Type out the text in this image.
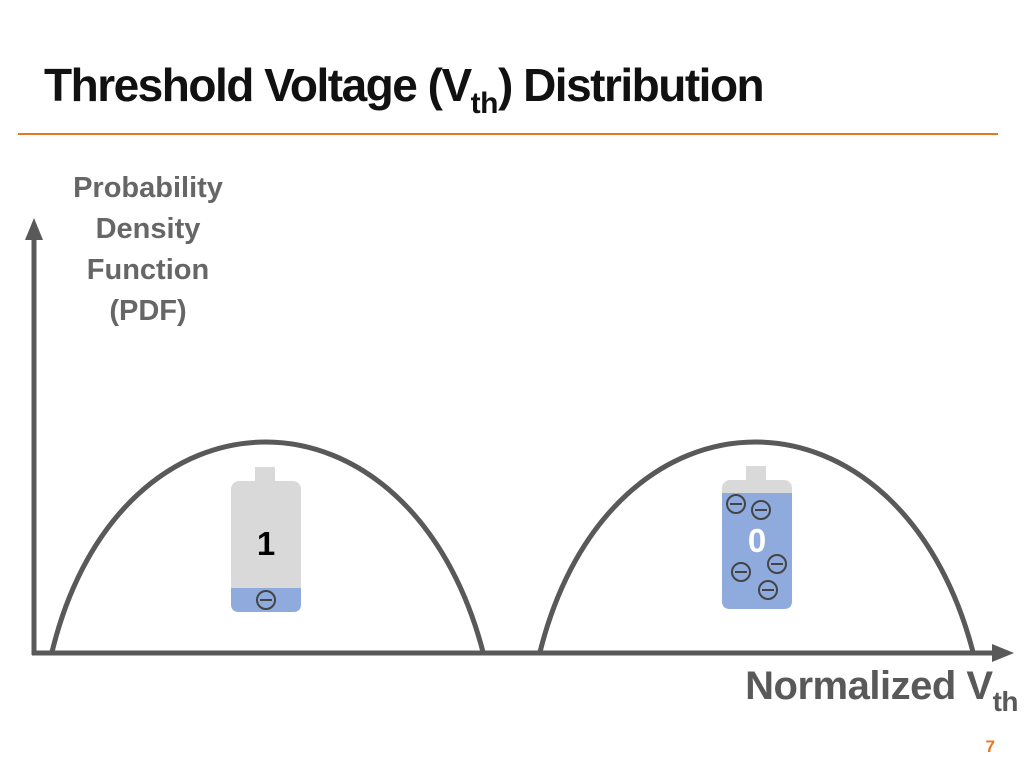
Threshold Voltage $(V_{th})$ Distribution
Probability
Density
Function
(PDF)
1	0
Normalized $V_{th}$
7
